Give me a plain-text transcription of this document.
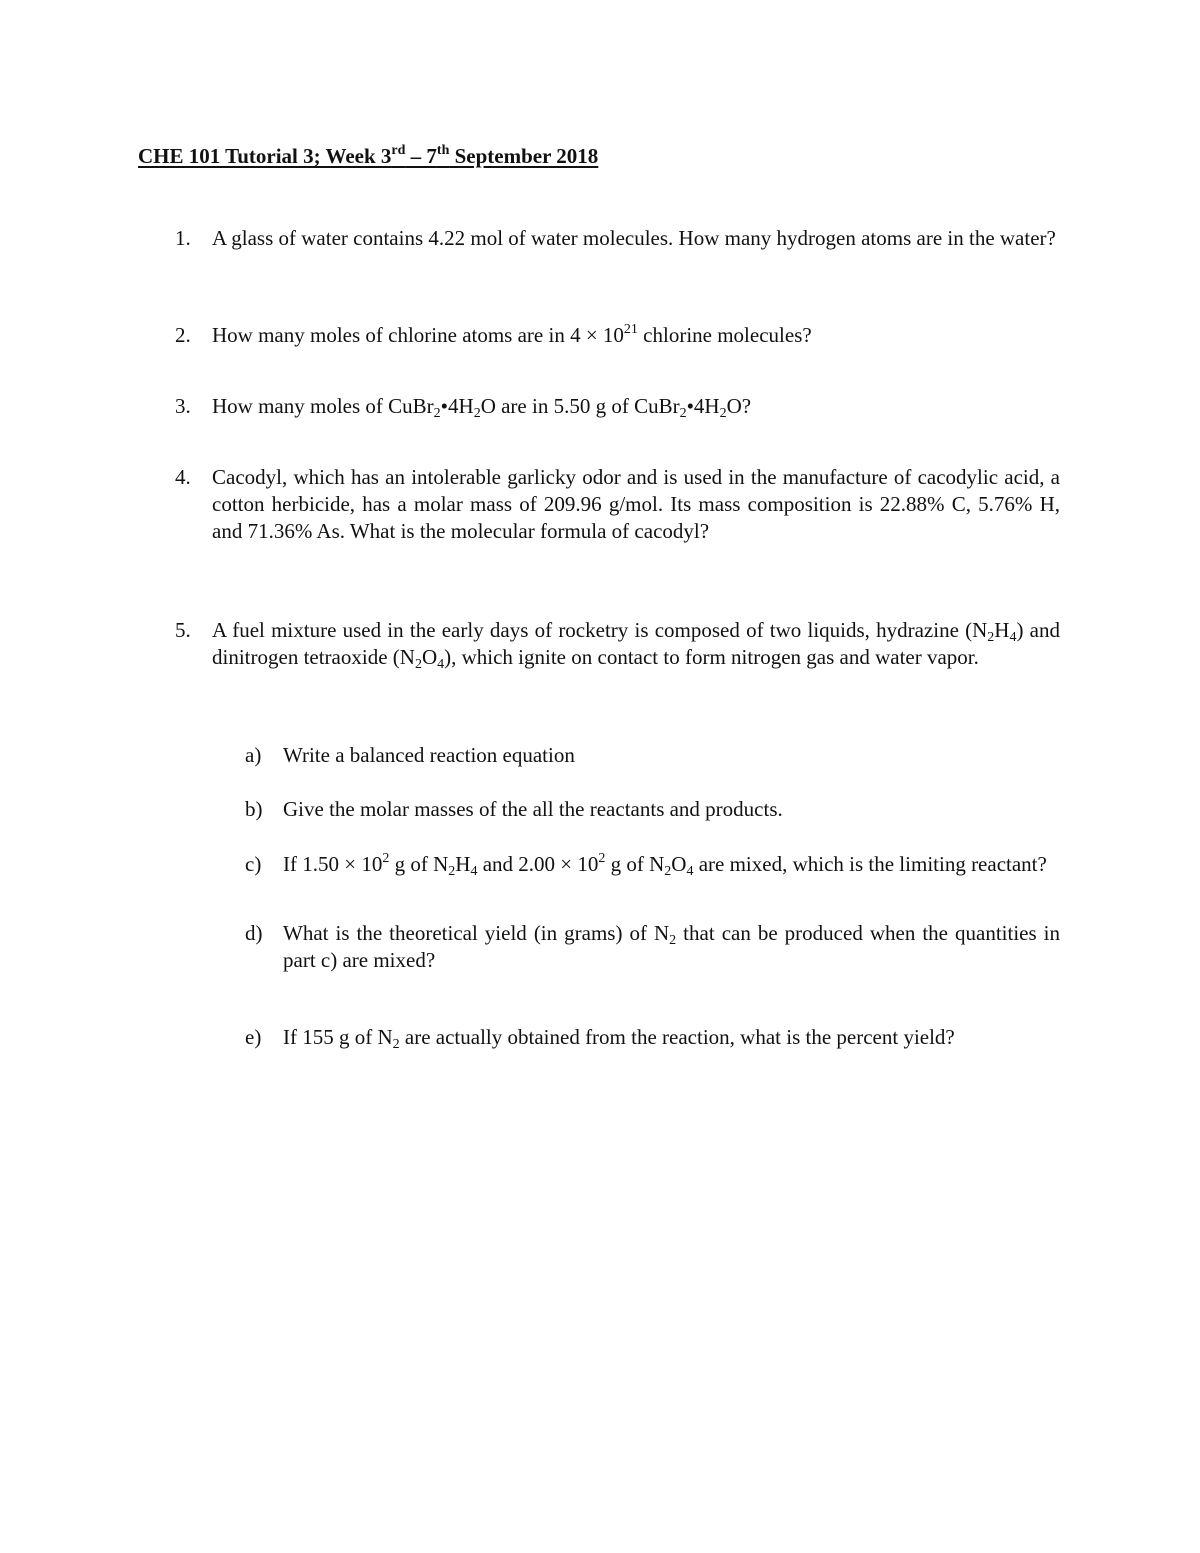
CHE 101 Tutorial 3; Week 3rd – 7th September 2018
1. A glass of water contains 4.22 mol of water molecules. How many hydrogen atoms are in the water?
2. How many moles of chlorine atoms are in $4 \times 10^{21}$ chlorine molecules?
3. How many moles of $CuBr_2•4H_2O$ are in 5.50 g of $CuBr_2•4H_2O$?
4. Cacodyl, which has an intolerable garlicky odor and is used in the manufacture of cacodylic acid, a cotton herbicide, has a molar mass of 209.96 g/mol. Its mass composition is 22.88% C, 5.76% H, and 71.36% As. What is the molecular formula of cacodyl?
5. A fuel mixture used in the early days of rocketry is composed of two liquids, hydrazine $(N_2H_4)$ and dinitrogen tetraoxide $(N_2O_4)$, which ignite on contact to form nitrogen gas and water vapor.
a) Write a balanced reaction equation
b) Give the molar masses of the all the reactants and products.
c) If $1.50 \times 10^2$ g of $N_2H_4$ and $2.00 \times 10^2$ g of $N_2O_4$ are mixed, which is the limiting reactant?
d) What is the theoretical yield (in grams) of $N_2$ that can be produced when the quantities in part c) are mixed?
e) If 155 g of $N_2$ are actually obtained from the reaction, what is the percent yield?
